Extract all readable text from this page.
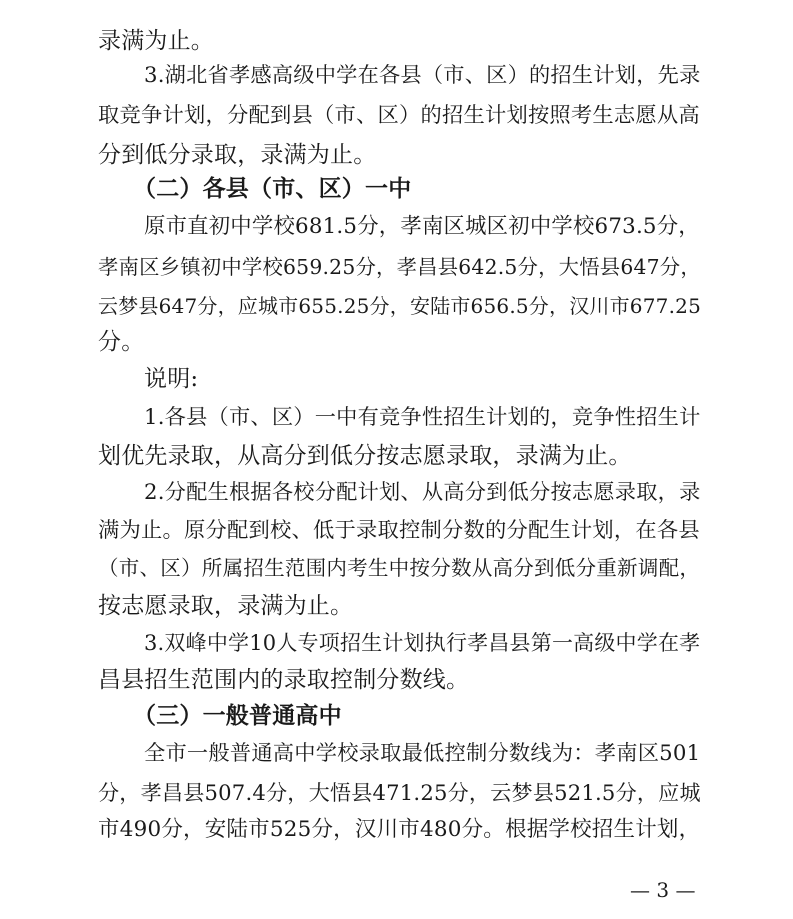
录满为止。
3.湖北省孝感高级中学在各县（市、区）的招生计划，先录
取竞争计划，分配到县（市、区）的招生计划按照考生志愿从高
分到低分录取，录满为止。
（二）各县（市、区）一中
原市直初中学校681.5分，孝南区城区初中学校673.5分，
孝南区乡镇初中学校659.25分，孝昌县642.5分，大悟县647分，
云梦县647分，应城市655.25分，安陆市656.5分，汉川市677.25
分。
说明:
1.各县（市、区）一中有竞争性招生计划的，竞争性招生计
划优先录取，从高分到低分按志愿录取，录满为止。
2.分配生根据各校分配计划、从高分到低分按志愿录取，录
满为止。原分配到校、低于录取控制分数的分配生计划，在各县
（市、区）所属招生范围内考生中按分数从高分到低分重新调配，
按志愿录取，录满为止。
3.双峰中学10人专项招生计划执行孝昌县第一高级中学在孝
昌县招生范围内的录取控制分数线。
（三）一般普通高中
全市一般普通高中学校录取最低控制分数线为：孝南区501
分，孝昌县507.4分，大悟县471.25分，云梦县521.5分，应城
市490分，安陆市525分，汉川市480分。根据学校招生计划，
— 3 —
